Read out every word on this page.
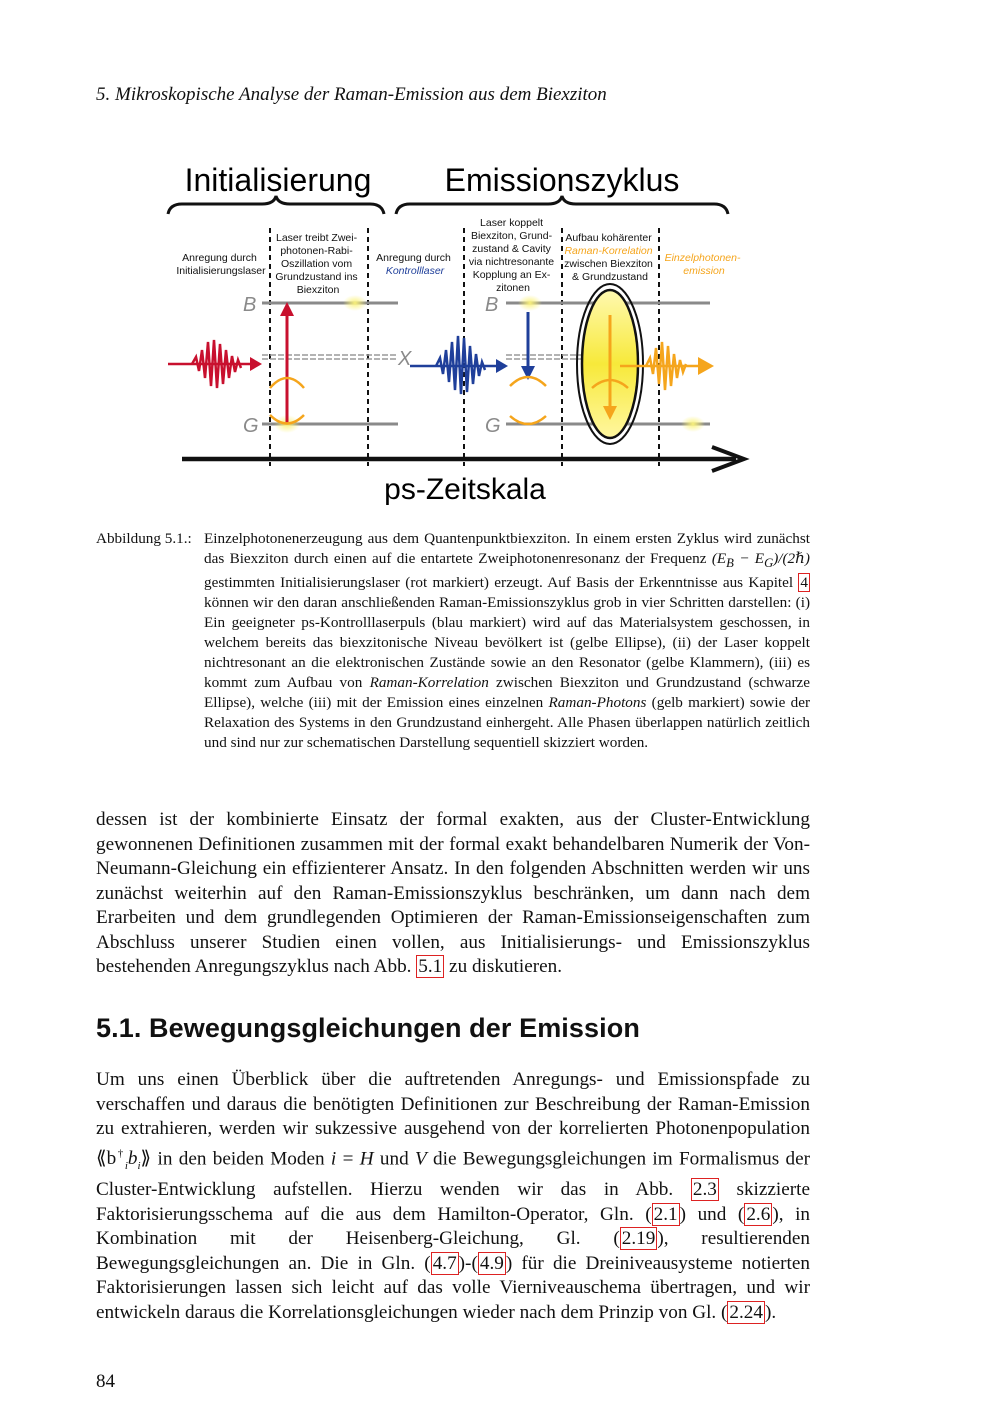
5. Mikroskopische Analyse der Raman-Emission aus dem Biexziton
Initialisierung Emissionszyklus
Anregung durch Initialisierungslaser
Laser treibt Zwei- photonen-Rabi- Oszillation vom Grundzustand ins Biexziton
Anregung durch Kontrolllaser
Laser koppelt Biexziton, Grund- zustand & Cavity via nichtresonante Kopplung an Ex- zitonen
Aufbau kohärenter Raman-Korrelation zwischen Biexziton & Grundzustand
Einzelphotonen- emission
B
G
X
B
G
ps-Zeitskala
Abbildung 5.1.: Einzelphotonenerzeugung aus dem Quantenpunktbiexziton. In einem ersten Zyklus wird zunächst das Biexziton durch einen auf die entartete Zweiphotonenresonanz der Frequenz ($E_B$ − $E_G)/(2\hbar)$ gestimmten Initialisierungslaser (rot markiert) erzeugt. Auf Basis der Erkenntnisse aus Kapitel 4 können wir den daran anschließenden Raman-Emissionszyklus grob in vier Schritten darstellen: (i) Ein geeigneter ps-Kontrolllaserpuls (blau markiert) wird auf das Materialsystem geschossen, in welchem bereits das biexzitonische Niveau bevölkert ist (gelbe Ellipse), (ii) der Laser koppelt nichtresonant an die elektronischen Zustände sowie an den Resonator (gelbe Klammern), (iii) es kommt zum Aufbau von Raman-Korrelation zwischen Biexziton und Grundzustand (schwarze Ellipse), welche (iii) mit der Emission eines einzelnen Raman-Photons (gelb markiert) sowie der Relaxation des Systems in den Grundzustand einhergeht. Alle Phasen überlappen natürlich zeitlich und sind nur zur schematischen Darstellung sequentiell skizziert worden.
dessen ist der kombinierte Einsatz der formal exakten, aus der Cluster-Entwicklung gewonnenen Definitionen zusammen mit der formal exakt behandelbaren Numerik der Von-Neumann-Gleichung ein effizienterer Ansatz. In den folgenden Abschnitten werden wir uns zunächst weiterhin auf den Raman-Emissionszyklus beschränken, um dann nach dem Erarbeiten und dem grundlegenden Optimieren der Raman-Emissionseigenschaften zum Abschluss unserer Studien einen vollen, aus Initialisierungs- und Emissionszyklus bestehenden Anregungszyklus nach Abb. 5.1 zu diskutieren.
5.1. Bewegungsgleichungen der Emission
Um uns einen Überblick über die auftretenden Anregungs- und Emissionspfade zu verschaffen und daraus die benötigten Definitionen zur Beschreibung der Raman-Emission zu extrahieren, werden wir sukzessive ausgehend von der korrelierten Photonenpopulation $⟪b^\dagger_ib_i⟫$ in den beiden Moden i = H und V die Bewegungsgleichungen im Formalismus der Cluster-Entwicklung aufstellen. Hierzu wenden wir das in Abb. 2.3 skizzierte Faktorisierungsschema auf die aus dem Hamilton-Operator, Gln. ( 2.1 ) und ( 2.6 ), in Kombination mit der Heisenberg-Gleichung, Gl. ( 2.19 ), resultierenden Bewegungsgleichungen an. Die in Gln. ( 4.7 )-( 4.9 ) für die Dreiniveausysteme notierten Faktorisierungen lassen sich leicht auf das volle Vierniveauschema übertragen, und wir entwickeln daraus die Korrelationsgleichungen wieder nach dem Prinzip von Gl. ( 2.24 ).
84
